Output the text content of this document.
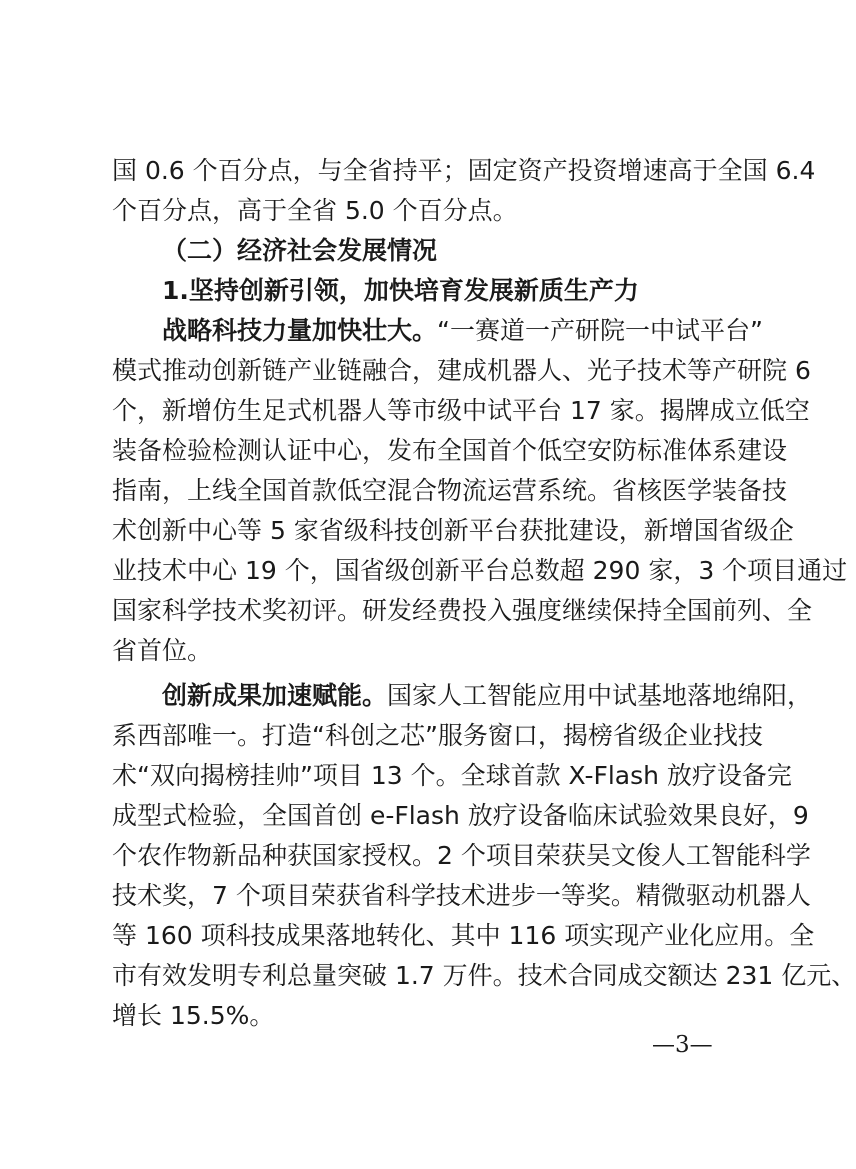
国 0.6 个百分点，与全省持平；固定资产投资增速高于全国 6.4
个百分点，高于全省 5.0 个百分点。
（二）经济社会发展情况
1.坚持创新引领，加快培育发展新质生产力
战略科技力量加快壮大。“一赛道一产研院一中试平台”
模式推动创新链产业链融合，建成机器人、光子技术等产研院 6
个，新增仿生足式机器人等市级中试平台 17 家。揭牌成立低空
装备检验检测认证中心，发布全国首个低空安防标准体系建设
指南，上线全国首款低空混合物流运营系统。省核医学装备技
术创新中心等 5 家省级科技创新平台获批建设，新增国省级企
业技术中心 19 个，国省级创新平台总数超 290 家，3 个项目通过
国家科学技术奖初评。研发经费投入强度继续保持全国前列、全
省首位。
创新成果加速赋能。国家人工智能应用中试基地落地绵阳，
系西部唯一。打造“科创之芯”服务窗口，揭榜省级企业找技
术“双向揭榜挂帅”项目 13 个。全球首款 X-Flash 放疗设备完
成型式检验，全国首创 e-Flash 放疗设备临床试验效果良好，9
个农作物新品种获国家授权。2 个项目荣获吴文俊人工智能科学
技术奖，7 个项目荣获省科学技术进步一等奖。精微驱动机器人
等 160 项科技成果落地转化、其中 116 项实现产业化应用。全
市有效发明专利总量突破 1.7 万件。技术合同成交额达 231 亿元、
增长 15.5%。
—3—
